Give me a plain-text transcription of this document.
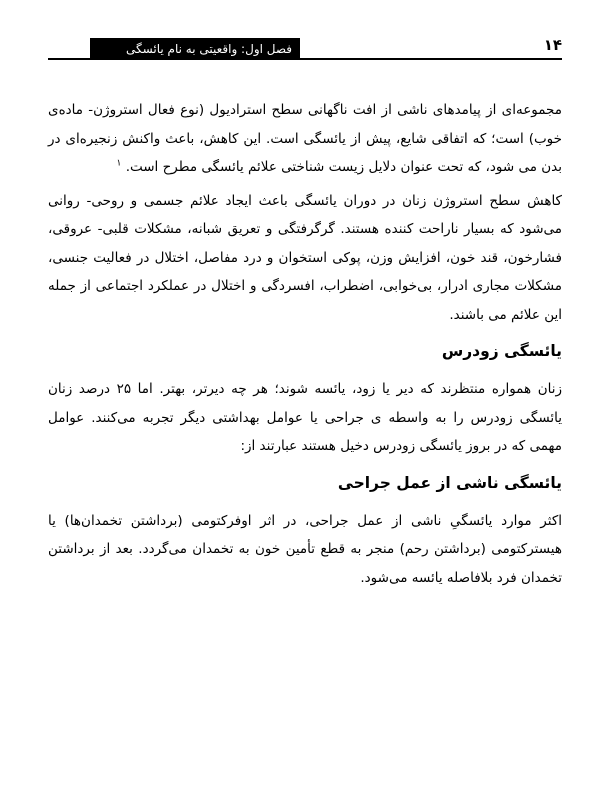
فصل اول: واقعیتی به نام یائسگی	۱۴

مجموعه‌ای از پیامدهای ناشی از افت ناگهانی سطح استرادیول (نوع فعال استروژن- ماده‌ی خوب) است؛ که اتفاقی شایع، پیش از یائسگی است. این کاهش، باعث واکنش زنجیره‌ای در بدن می شود، که تحت عنوان دلایل زیست شناختی علائم یائسگی مطرح است. $^۱$

کاهش سطح استروژن زنان در دوران یائسگی باعث ایجاد علائم جسمی و روحی- روانی می‌شود که بسیار ناراحت کننده هستند. گرگرفتگی و تعریق شبانه، مشکلات قلبی- عروقی، فشارخون، قند خون، افزایش وزن، پوکی استخوان و درد مفاصل، اختلال در فعالیت جنسی، مشکلات مجاری ادرار، بی‌خوابی، اضطراب، افسردگی و اختلال در عملکرد اجتماعی از جمله این علائم می باشند.

یائسگی زودرس

زنان همواره منتظرند که دیر یا زود، یائسه شوند؛ هر چه دیرتر، بهتر. اما ۲۵ درصد زنان یائسگی زودرس را به واسطه ی جراحی یا عوامل بهداشتی دیگر تجربه می‌کنند. عوامل مهمی که در بروز یائسگی زودرس دخیل هستند عبارتند از:

یائسگی ناشی از عمل جراحی

اکثر موارد یائسگیِ ناشی از عمل جراحی، در اثر اوفرکتومی (برداشتن تخمدان‌ها) یا هیسترکتومی (برداشتن رحم) منجر به قطع تأمین خون به تخمدان می‌گردد. بعد از برداشتن تخمدان فرد بلافاصله یائسه می‌شود.
